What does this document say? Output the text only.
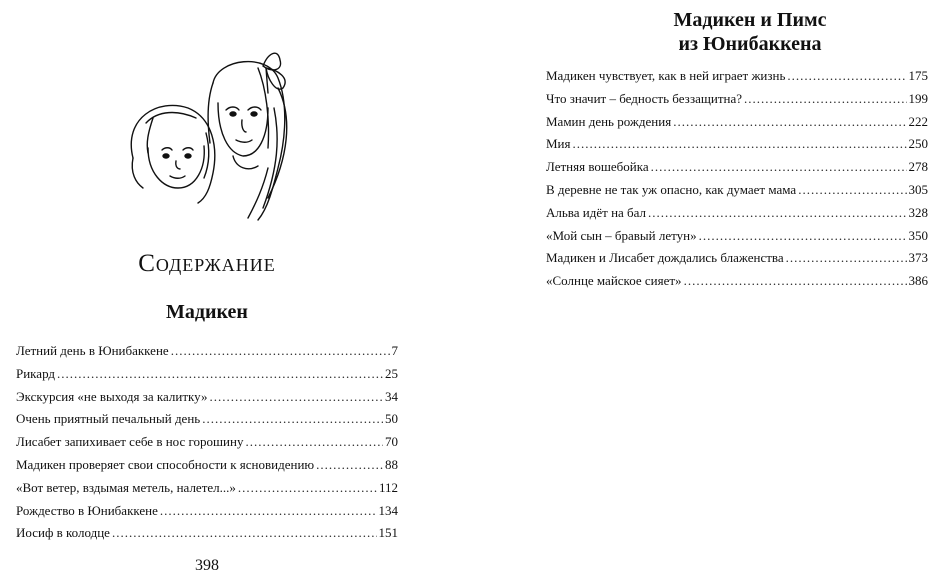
Содержание
Мадикен
Летний день в Юнибаккене .....	7
Рикард .....	25
Экскурсия «не выходя за калитку» .....	34
Очень приятный печальный день .....	50
Лисабет запихивает себе в нос горошину .....	70
Мадикен проверяет свои способности к ясновидению .....	88
«Вот ветер, вздымая метель, налетел...» .....	112
Рождество в Юнибаккене .....	134
Иосиф в колодце .....	151
398
Мадикен и Пимс
из Юнибаккена
Мадикен чувствует, как в ней играет жизнь .....	175
Что значит – бедность беззащитна? .....	199
Мамин день рождения .....	222
Мия .....	250
Летняя вошебойка .....	278
В деревне не так уж опасно, как думает мама .....	305
Альва идёт на бал .....	328
«Мой сын – бравый летун» .....	350
Мадикен и Лисабет дождались блаженства .....	373
«Солнце майское сияет» .....	386
